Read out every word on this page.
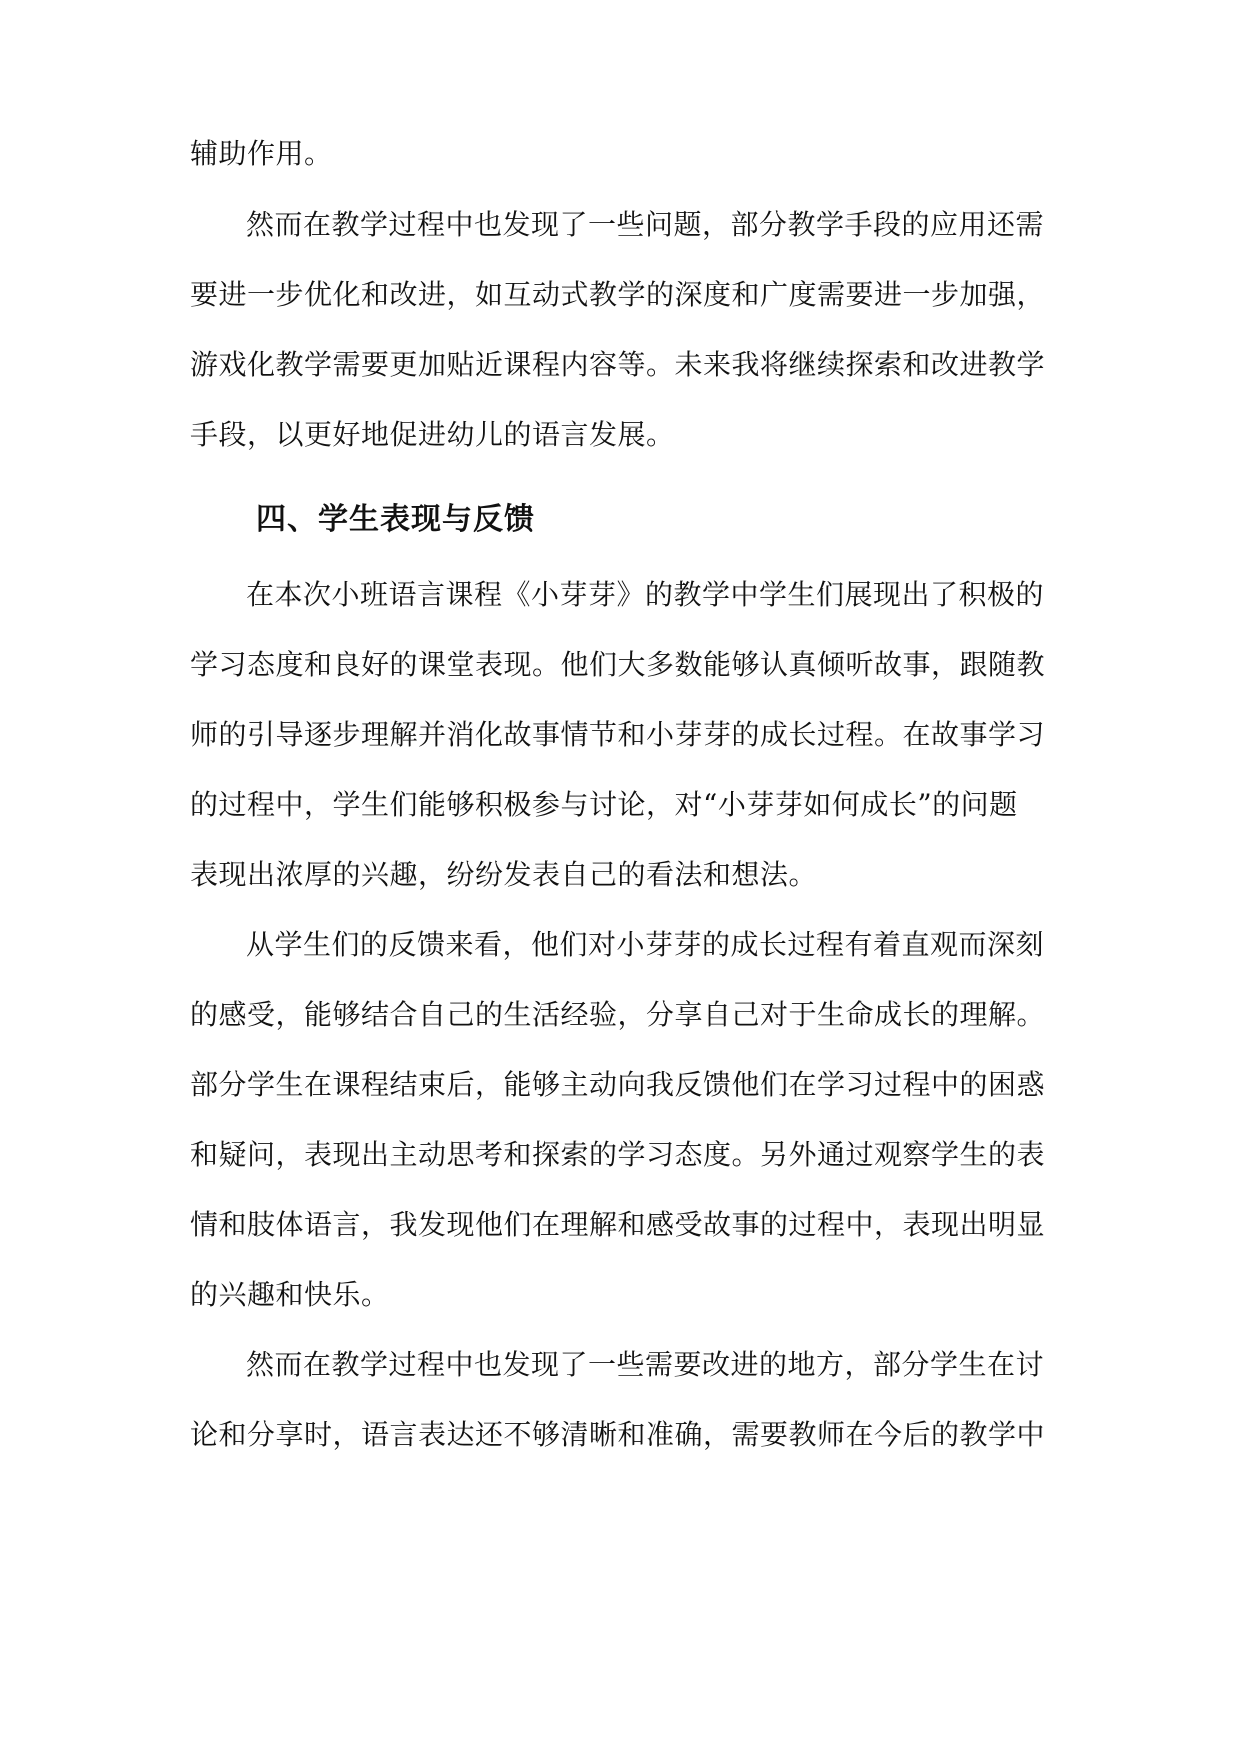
辅助作用。
然而在教学过程中也发现了一些问题，部分教学手段的应用还需
要进一步优化和改进，如互动式教学的深度和广度需要进一步加强，
游戏化教学需要更加贴近课程内容等。未来我将继续探索和改进教学
手段，以更好地促进幼儿的语言发展。
四、学生表现与反馈
在本次小班语言课程《小芽芽》的教学中学生们展现出了积极的
学习态度和良好的课堂表现。他们大多数能够认真倾听故事，跟随教
师的引导逐步理解并消化故事情节和小芽芽的成长过程。在故事学习
的过程中，学生们能够积极参与讨论，对“小芽芽如何成长”的问题
表现出浓厚的兴趣，纷纷发表自己的看法和想法。
从学生们的反馈来看，他们对小芽芽的成长过程有着直观而深刻
的感受，能够结合自己的生活经验，分享自己对于生命成长的理解。
部分学生在课程结束后，能够主动向我反馈他们在学习过程中的困惑
和疑问，表现出主动思考和探索的学习态度。另外通过观察学生的表
情和肢体语言，我发现他们在理解和感受故事的过程中，表现出明显
的兴趣和快乐。
然而在教学过程中也发现了一些需要改进的地方，部分学生在讨
论和分享时，语言表达还不够清晰和准确，需要教师在今后的教学中
